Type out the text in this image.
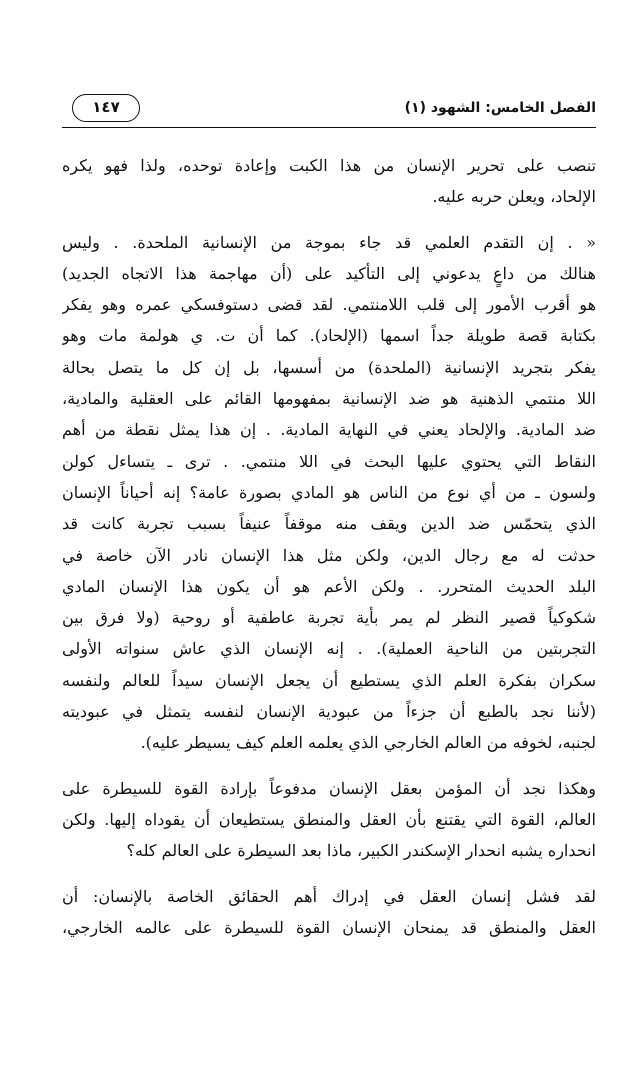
الفصل الخامس: الشهود (١)
١٤٧
تنصب على تحرير الإنسان من هذا الكبت وإعادة توحده، ولذا فهو يكره
الإلحاد، ويعلن حربه عليه.
« . إن التقدم العلمي قد جاء بموجة من الإنسانية الملحدة. . وليس
هنالك من داعٍ يدعوني إلى التأكيد على (أن مهاجمة هذا الاتجاه الجديد)
هو أقرب الأمور إلى قلب اللامنتمي. لقد قضى دستوفسكي عمره وهو يفكر
بكتابة قصة طويلة جداً اسمها (الإلحاد). كما أن ت. ي هولمة مات وهو
يفكر بتجريد الإنسانية (الملحدة) من أسسها، بل إن كل ما يتصل بحالة
اللا منتمي الذهنية هو ضد الإنسانية بمفهومها القائم على العقلية والمادية،
ضد المادية. والإلحاد يعني في النهاية المادية. . إن هذا يمثل نقطة من أهم
النقاط التي يحتوي عليها البحث في اللا منتمي. . ترى ـ يتساءل كولن
ولسون ـ من أي نوع من الناس هو المادي بصورة عامة؟ إنه أحياناً الإنسان
الذي يتحمّس ضد الدين ويقف منه موقفاً عنيفاً بسبب تجربة كانت قد
حدثت له مع رجال الدين، ولكن مثل هذا الإنسان نادر الآن خاصة في
البلد الحديث المتحرر. . ولكن الأعم هو أن يكون هذا الإنسان المادي
شكوكياً قصير النظر لم يمر بأية تجربة عاطفية أو روحية (ولا فرق بين
التجربتين من الناحية العملية). . إنه الإنسان الذي عاش سنواته الأولى
سكران بفكرة العلم الذي يستطيع أن يجعل الإنسان سيداً للعالم ولنفسه
(لأننا نجد بالطبع أن جزءاً من عبودية الإنسان لنفسه يتمثل في عبوديته
لجنبه، لخوفه من العالم الخارجي الذي يعلمه العلم كيف يسيطر عليه).
وهكذا نجد أن المؤمن بعقل الإنسان مدفوعاً بإرادة القوة للسيطرة على
العالم، القوة التي يقتنع بأن العقل والمنطق يستطيعان أن يقوداه إليها. ولكن
انحداره يشبه انحدار الإسكندر الكبير، ماذا بعد السيطرة على العالم كله؟
لقد فشل إنسان العقل في إدراك أهم الحقائق الخاصة بالإنسان: أن
العقل والمنطق قد يمنحان الإنسان القوة للسيطرة على عالمه الخارجي،
